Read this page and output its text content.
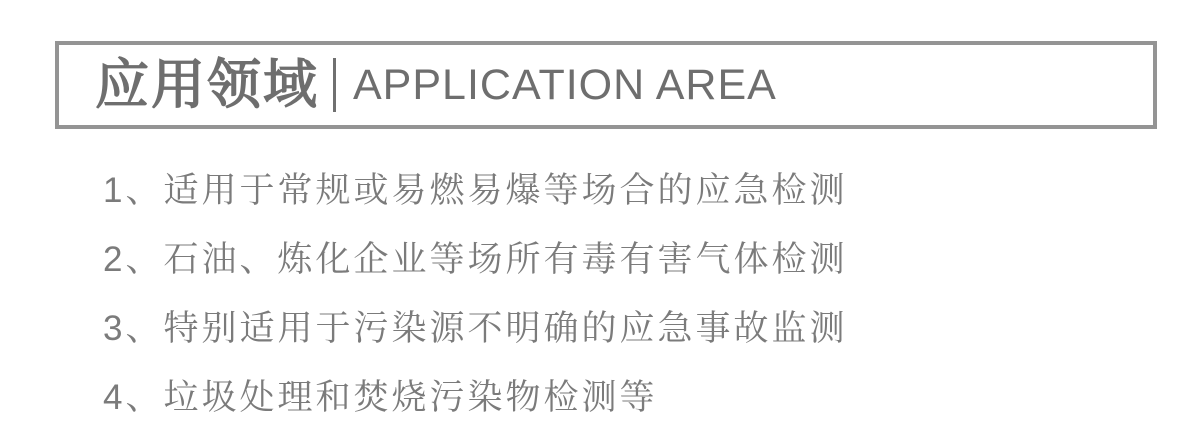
应用领域 APPLICATION AREA
1、 适用于常规或易燃易爆等场合的应急检测
2、 石油、炼化企业等场所有毒有害气体检测
3、 特别适用于污染源不明确的应急事故监测
4、 垃圾处理和焚烧污染物检测等
